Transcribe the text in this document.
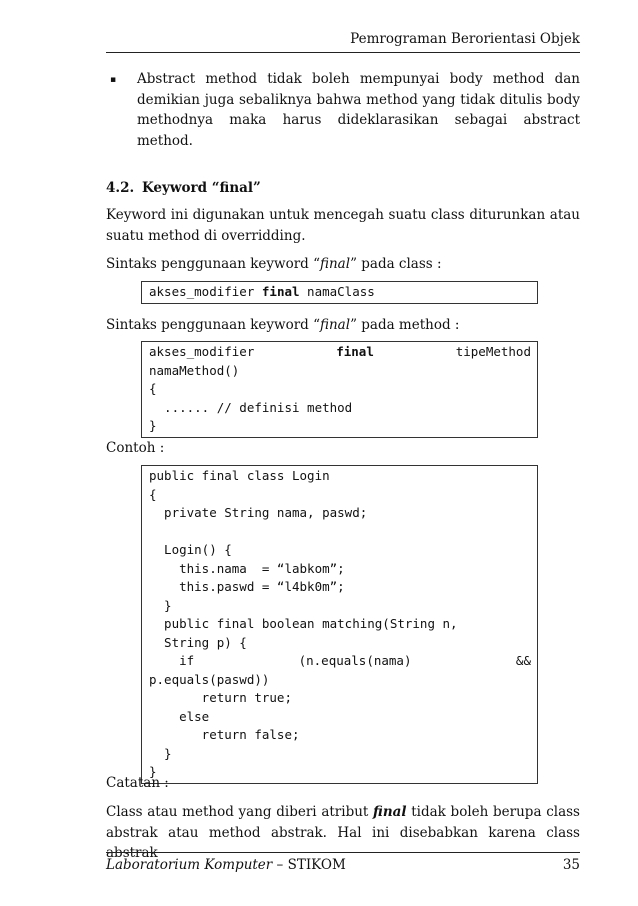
Pemrograman Berorientasi Objek
▪ Abstract method tidak boleh mempunyai body method dan demikian juga sebaliknya bahwa method yang tidak ditulis body methodnya maka harus dideklarasikan sebagai abstract method.
4.2. Keyword “final”
Keyword ini digunakan untuk mencegah suatu class diturunkan atau suatu method di overridding.
Sintaks penggunaan keyword “final” pada class :
akses_modifier final namaClass
Sintaks penggunaan keyword “final” pada method :
akses_modifier	final	tipeMethod
namaMethod()
{
...... // definisi method
}
Contoh :
public final class Login
{
private String nama, paswd;
Login() {
this.nama  = “labkom”;
this.paswd = “l4bk0m”;
}
public final boolean matching(String n,
String p) {
if	(n.equals(nama)	&&
p.equals(paswd))
return true;
else
return false;
}
}
Catatan :
Class atau method yang diberi atribut final tidak boleh berupa class abstrak atau method abstrak. Hal ini disebabkan karena class abstrak
Laboratorium Komputer – STIKOM	35
